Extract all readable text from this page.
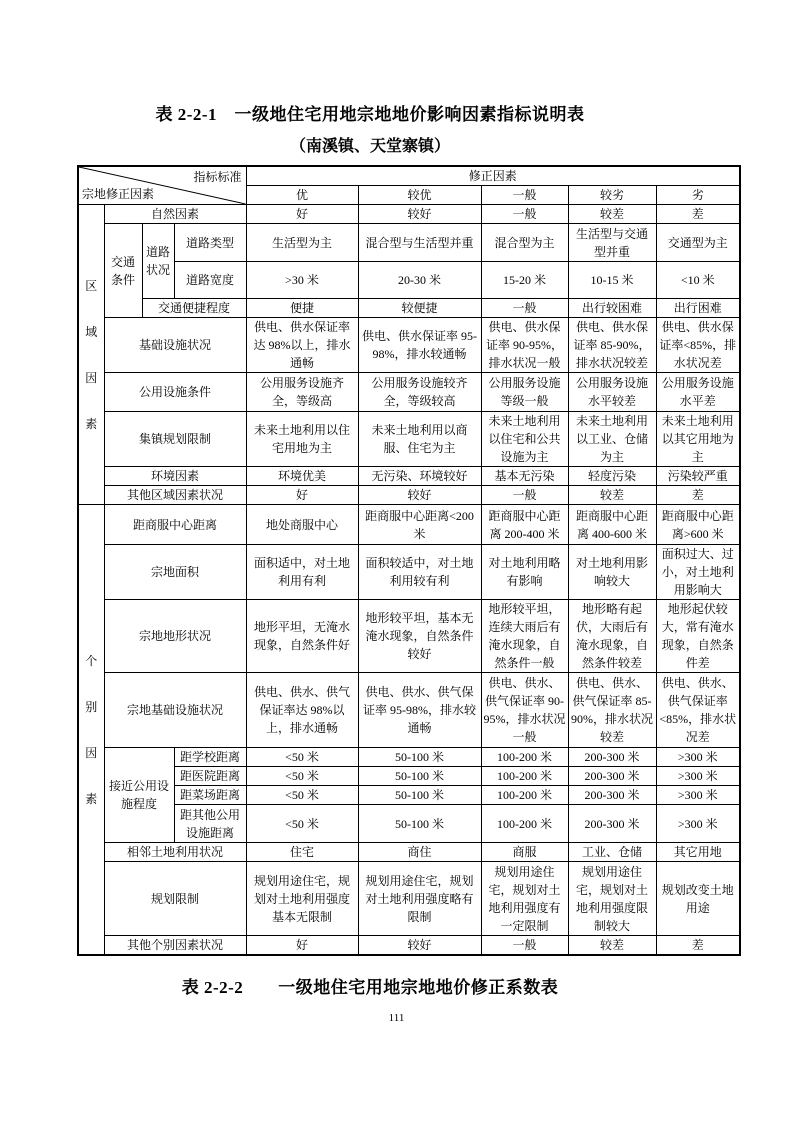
表 2-2-1　一级地住宅用地宗地地价影响因素指标说明表
（南溪镇、天堂寨镇）
指标标准
宗地修正因素				修正因素				
				优	较优	一般	较劣	劣
区域因素	自然因素			好	较好	一般	较差	差
	交通条件	道路状况	道路类型	生活型为主	混合型与生活型并重	混合型为主	生活型与交通型并重	交通型为主
			道路宽度	>30 米	20-30 米	15-20 米	10-15 米	<10 米
		交通便捷程度		便捷	较便捷	一般	出行较困难	出行困难
	基础设施状况			供电、供水保证率达 98%以上，排水通畅	供电、供水保证率 95-98%，排水较通畅	供电、供水保证率 90-95%，排水状况一般	供电、供水保证率 85-90%，排水状况较差	供电、供水保证率<85%，排水状况差
	公用设施条件			公用服务设施齐全，等级高	公用服务设施较齐全，等级较高	公用服务设施等级一般	公用服务设施水平较差	公用服务设施水平差
	集镇规划限制			未来土地利用以住宅用地为主	未来土地利用以商服、住宅为主	未来土地利用以住宅和公共设施为主	未来土地利用以工业、仓储为主	未来土地利用以其它用地为主
	环境因素			环境优美	无污染、环境较好	基本无污染	轻度污染	污染较严重
	其他区域因素状况			好	较好	一般	较差	差
个别因素	距商服中心距离			地处商服中心	距商服中心距离<200 米	距商服中心距离 200-400 米	距商服中心距离 400-600 米	距商服中心距离>600 米
	宗地面积			面积适中，对土地利用有利	面积较适中，对土地利用较有利	对土地利用略有影响	对土地利用影响较大	面积过大、过小，对土地利用影响大
	宗地地形状况			地形平坦，无淹水现象，自然条件好	地形较平坦，基本无淹水现象，自然条件较好	地形较平坦，连续大雨后有淹水现象，自然条件一般	地形略有起伏，大雨后有淹水现象，自然条件较差	地形起伏较大，常有淹水现象，自然条件差
	宗地基础设施状况			供电、供水、供气保证率达 98%以上，排水通畅	供电、供水、供气保证率 95-98%，排水较通畅	供电、供水、供气保证率 90-95%，排水状况一般	供电、供水、供气保证率 85-90%，排水状况较差	供电、供水、供气保证率<85%，排水状况差
	接近公用设施程度		距学校距离	<50 米	50-100 米	100-200 米	200-300 米	>300 米
			距医院距离	<50 米	50-100 米	100-200 米	200-300 米	>300 米
			距菜场距离	<50 米	50-100 米	100-200 米	200-300 米	>300 米
			距其他公用设施距离	<50 米	50-100 米	100-200 米	200-300 米	>300 米
	相邻土地利用状况			住宅	商住	商服	工业、仓储	其它用地
	规划限制			规划用途住宅，规划对土地利用强度基本无限制	规划用途住宅，规划对土地利用强度略有限制	规划用途住宅，规划对土地利用强度有一定限制	规划用途住宅，规划对土地利用强度限制较大	规划改变土地用途
	其他个别因素状况			好	较好	一般	较差	差
表 2-2-2　　一级地住宅用地宗地地价修正系数表
111
